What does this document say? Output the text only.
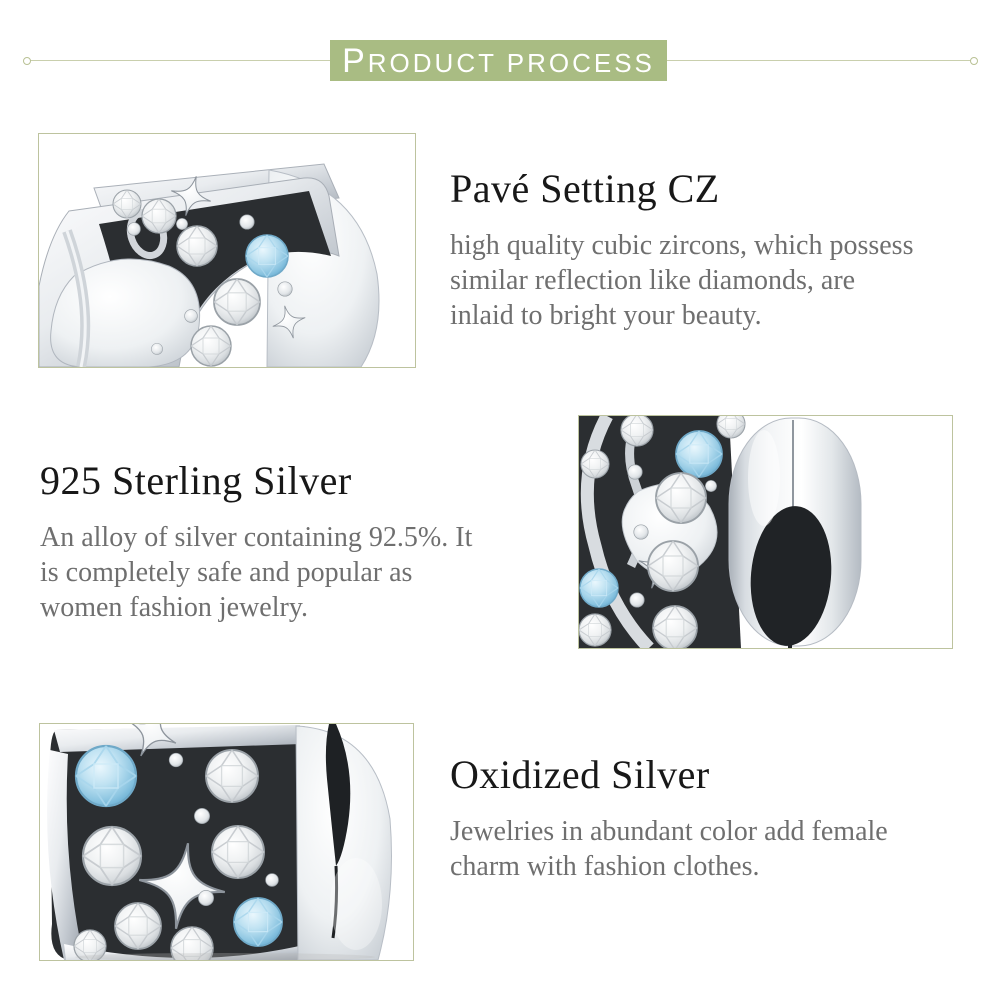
P RODUCT PROCESS
Pavé Setting CZ
high quality cubic zircons, which possess
similar reflection like diamonds, are
inlaid to bright your beauty.
925 Sterling Silver
An alloy of silver containing 92.5%. It
is completely safe and popular as
women fashion jewelry.
Oxidized Silver
Jewelries in abundant color add female
charm with fashion clothes.
